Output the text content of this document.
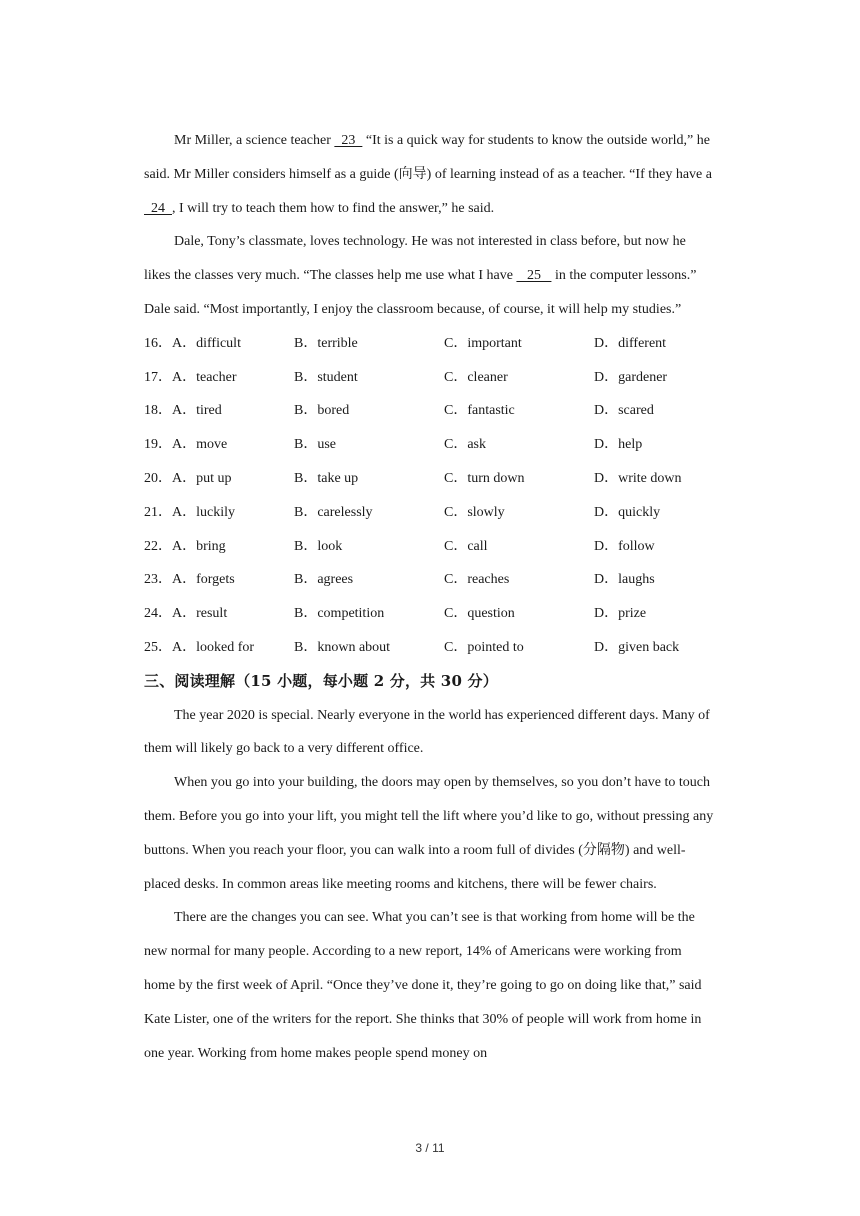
Mr Miller, a science teacher   23   “It is a quick way for students to know the outside world,” he said. Mr Miller considers himself as a guide (向导) of learning instead of as a teacher. “If they have a   24  , I will try to teach them how to find the answer,” he said.

Dale, Tony’s classmate, loves technology. He was not interested in class before, but now he likes the classes very much. “The classes help me use what I have    25    in the computer lessons.” Dale said. “Most importantly, I enjoy the classroom because, of course, it will help my studies.”

16．A．difficult	B．terrible	C．important	D．different
17．A．teacher	B．student	C．cleaner	D．gardener
18．A．tired	B．bored	C．fantastic	D．scared
19．A．move	B．use	C．ask	D．help
20．A．put up	B．take up	C．turn down	D．write down
21．A．luckily	B．carelessly	C．slowly	D．quickly
22．A．bring	B．look	C．call	D．follow
23．A．forgets	B．agrees	C．reaches	D．laughs
24．A．result	B．competition	C．question	D．prize
25．A．looked for	B．known about	C．pointed to	D．given back
三、阅读理解（15 小题，每小题 2 分，共 30 分）

The year 2020 is special. Nearly everyone in the world has experienced different days. Many of them will likely go back to a very different office.

When you go into your building, the doors may open by themselves, so you don’t have to touch them. Before you go into your lift, you might tell the lift where you’d like to go, without pressing any buttons. When you reach your floor, you can walk into a room full of divides (分隔物) and well-placed desks. In common areas like meeting rooms and kitchens, there will be fewer chairs.

There are the changes you can see. What you can’t see is that working from home will be the new normal for many people. According to a new report, 14% of Americans were working from home by the first week of April. “Once they’ve done it, they’re going to go on doing like that,” said Kate Lister, one of the writers for the report. She thinks that 30% of people will work from home in one year. Working from home makes people spend money on

3 / 11
